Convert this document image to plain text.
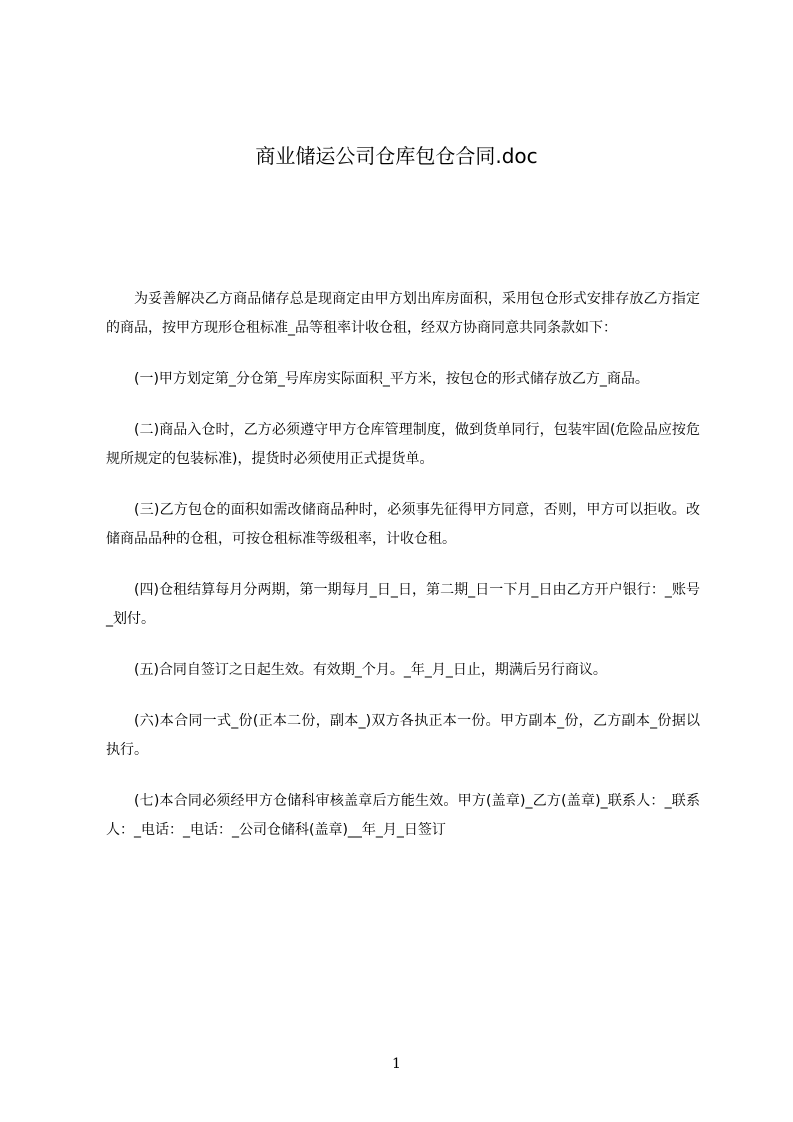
商业储运公司仓库包仓合同.doc

为妥善解决乙方商品储存总是现商定由甲方划出库房面积，采用包仓形式安排存放乙方指定的商品，按甲方现形仓租标准_品等租率计收仓租，经双方协商同意共同条款如下：

(一)甲方划定第_分仓第_号库房实际面积_平方米，按包仓的形式储存放乙方_商品。

(二)商品入仓时，乙方必须遵守甲方仓库管理制度，做到货单同行，包装牢固(危险品应按危规所规定的包装标准)，提货时必须使用正式提货单。

(三)乙方包仓的面积如需改储商品种时，必须事先征得甲方同意，否则，甲方可以拒收。改储商品品种的仓租，可按仓租标准等级租率，计收仓租。

(四)仓租结算每月分两期，第一期每月_日_日，第二期_日一下月_日由乙方开户银行：_账号_划付。

(五)合同自签订之日起生效。有效期_个月。_年_月_日止，期满后另行商议。

(六)本合同一式_份(正本二份，副本_)双方各执正本一份。甲方副本_份，乙方副本_份据以执行。

(七)本合同必须经甲方仓储科审核盖章后方能生效。甲方(盖章)_乙方(盖章)_联系人：_联系人：_电话：_电话：_公司仓储科(盖章)__年_月_日签订

1
